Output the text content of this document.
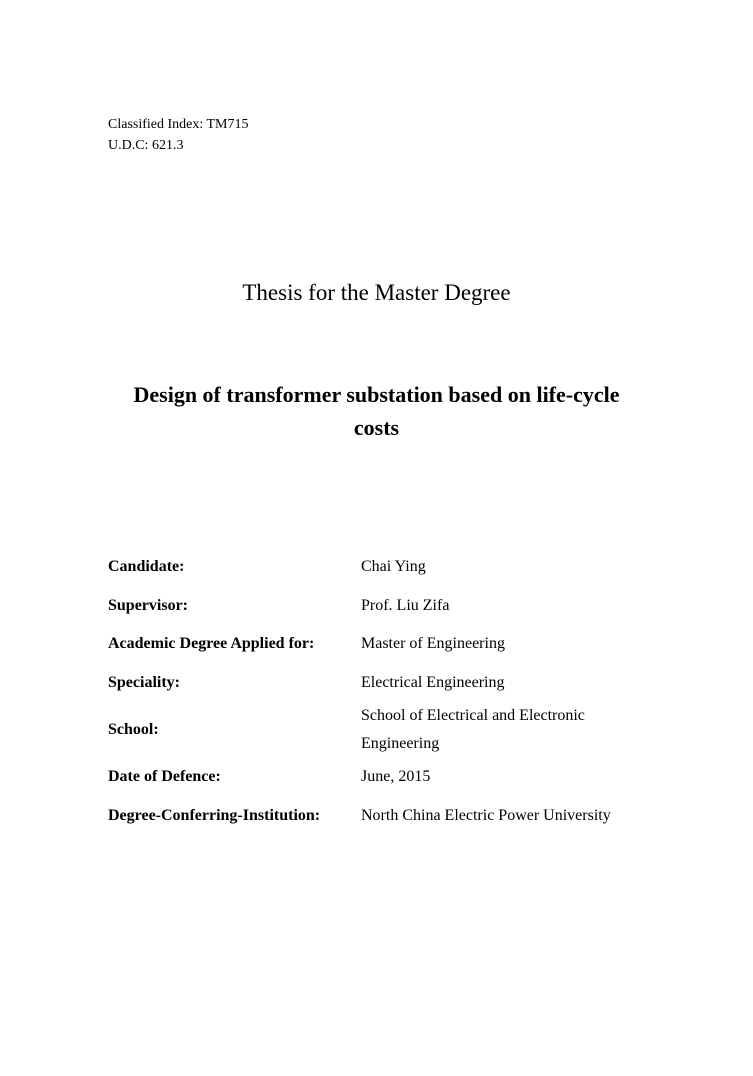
Classified Index: TM715
U.D.C: 621.3
Thesis for the Master Degree
Design of transformer substation based on life-cycle
costs
Candidate:	Chai Ying
Supervisor:	Prof. Liu Zifa
Academic Degree Applied for:	Master of Engineering
Speciality:	Electrical Engineering
School:	School of Electrical and Electronic
Engineering

Date of Defence:	June, 2015
Degree-Conferring-Institution:	North China Electric Power University
